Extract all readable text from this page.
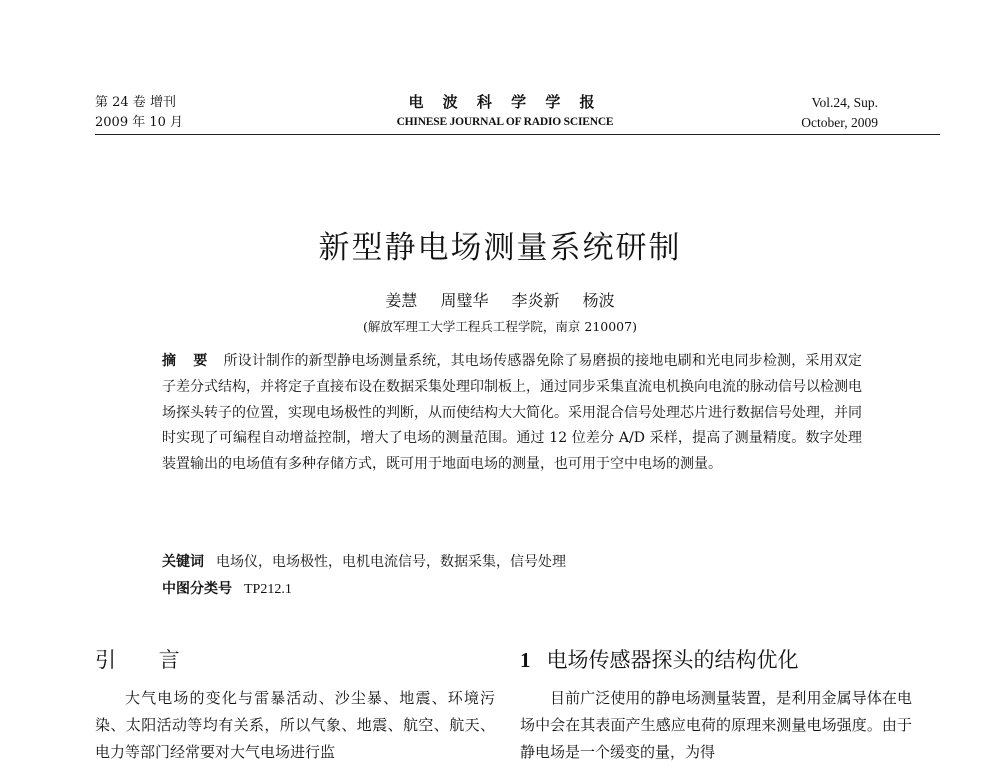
第 24 卷 增刊
2009 年 10 月
电 波 科 学 学 报
CHINESE JOURNAL OF RADIO SCIENCE
Vol.24, Sup.
October, 2009
新型静电场测量系统研制
姜慧 周璧华 李炎新 杨波
(解放军理工大学工程兵工程学院，南京 210007)
摘 要 所设计制作的新型静电场测量系统，其电场传感器免除了易磨损的接地电刷和光电同步检测，采用双定子差分式结构，并将定子直接布设在数据采集处理印制板上，通过同步采集直流电机换向电流的脉动信号以检测电场探头转子的位置，实现电场极性的判断，从而使结构大大简化。采用混合信号处理芯片进行数据信号处理，并同时实现了可编程自动增益控制，增大了电场的测量范围。通过 12 位差分 A/D 采样，提高了测量精度。数字处理装置输出的电场值有多种存储方式，既可用于地面电场的测量，也可用于空中电场的测量。
关键词 电场仪，电场极性，电机电流信号，数据采集，信号处理
中图分类号 TP212.1
引 言	1 电场传感器探头的结构优化

大气电场的变化与雷暴活动、沙尘暴、地震、环境污染、太阳活动等均有关系，所以气象、地震、航空、航天、电力等部门经常要对大气电场进行监

目前广泛使用的静电场测量装置，是利用金属导体在电场中会在其表面产生感应电荷的原理来测量电场强度。由于静电场是一个缓变的量，为得
